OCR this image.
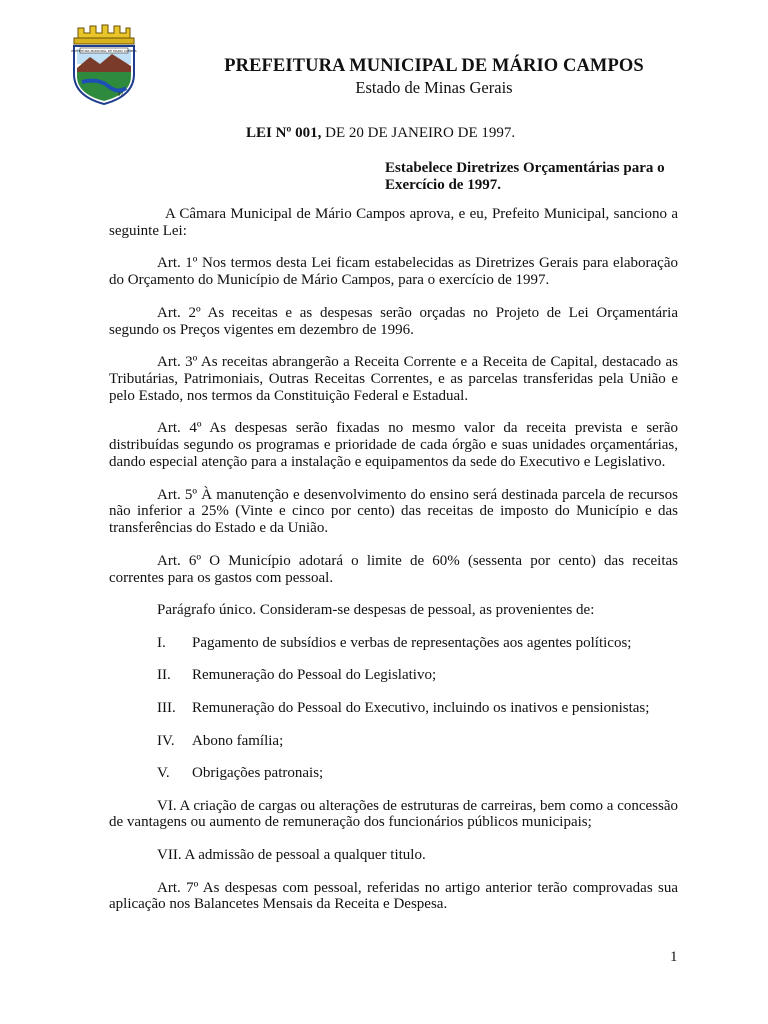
PREFEITURA MUNICIPAL DE MÁRIO CAMPOS
97
PREFEITURA MUNICIPAL DE MÁRIO CAMPOS
Estado de Minas Gerais
LEI Nº 001, DE 20 DE JANEIRO DE 1997.
Estabelece Diretrizes Orçamentárias para o Exercício de 1997.

A Câmara Municipal de Mário Campos aprova, e eu, Prefeito Municipal, sanciono a seguinte Lei:

Art. 1º Nos termos desta Lei ficam estabelecidas as Diretrizes Gerais para elaboração do Orçamento do Município de Mário Campos, para o exercício de 1997.

Art. 2º As receitas e as despesas serão orçadas no Projeto de Lei Orçamentária segundo os Preços vigentes em dezembro de 1996.

Art. 3º As receitas abrangerão a Receita Corrente e a Receita de Capital, destacado as Tributárias, Patrimoniais, Outras Receitas Correntes, e as parcelas transferidas pela União e pelo Estado, nos termos da Constituição Federal e Estadual.

Art. 4º As despesas serão fixadas no mesmo valor da receita prevista e serão distribuídas segundo os programas e prioridade de cada órgão e suas unidades orçamentárias, dando especial atenção para a instalação e equipamentos da sede do Executivo e Legislativo.

Art. 5º À manutenção e desenvolvimento do ensino será destinada parcela de recursos não inferior a 25% (Vinte e cinco por cento) das receitas de imposto do Município e das transferências do Estado e da União.

Art. 6º O Município adotará o limite de 60% (sessenta por cento) das receitas correntes para os gastos com pessoal.

Parágrafo único. Consideram-se despesas de pessoal, as provenientes de:

I. Pagamento de subsídios e verbas de representações aos agentes políticos;
II. Remuneração do Pessoal do Legislativo;
III. Remuneração do Pessoal do Executivo, incluindo os inativos e pensionistas;
IV. Abono família;
V. Obrigações patronais;

VI. A criação de cargas ou alterações de estruturas de carreiras, bem como a concessão de vantagens ou aumento de remuneração dos funcionários públicos municipais;

VII. A admissão de pessoal a qualquer titulo.

Art. 7º As despesas com pessoal, referidas no artigo anterior terão comprovadas sua aplicação nos Balancetes Mensais da Receita e Despesa.

1
